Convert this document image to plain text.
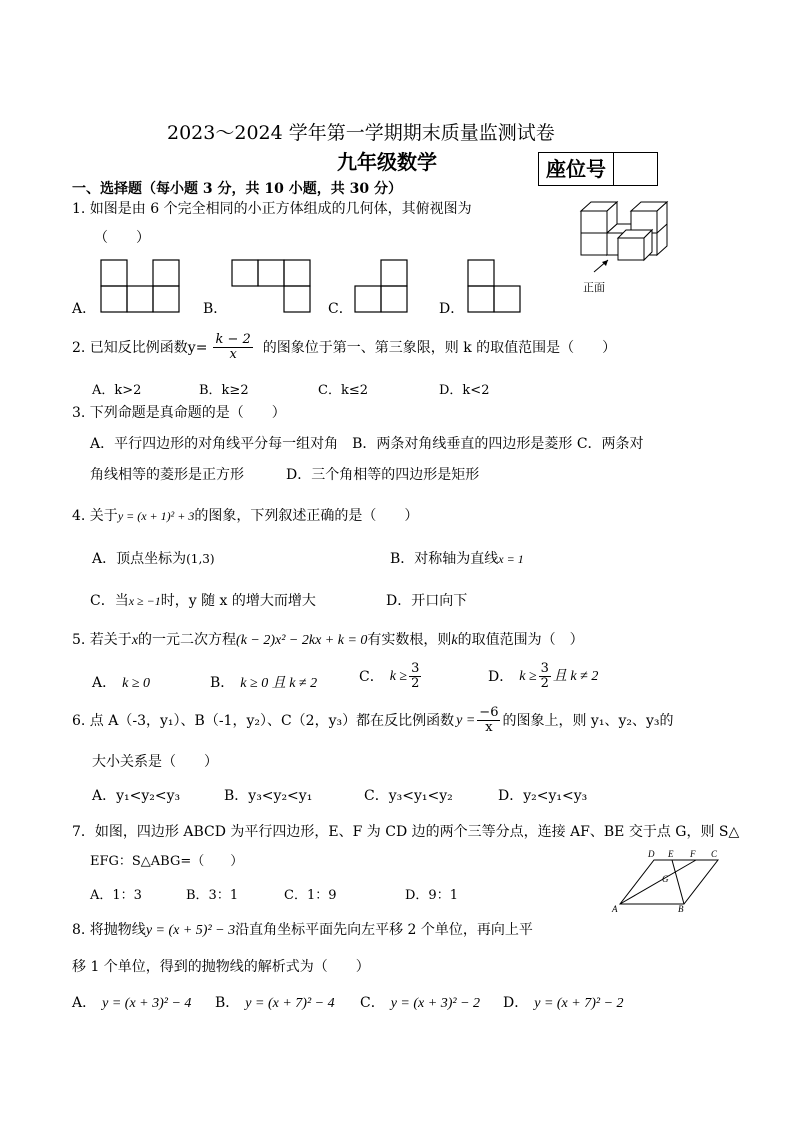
2023～2024 学年第一学期期末质量监测试卷
九年级数学	座位号
一、选择题（每小题 3 分，共 10 小题，共 30 分）
1. 如图是由 6 个完全相同的小正方体组成的几何体，其俯视图为
（　　）
正面
A．	B．	C．	D．
2. 已知反比例函数$y= \frac{k - 2}{x}$ 的图象位于第一、第三象限，则 k 的取值范围是（　　）
A．k>2	B．k≥2	C．k≤2	D．k<2
3. 下列命题是真命题的是（　　）
A．平行四边形的对角线平分每一组对角　B．两条对角线垂直的四边形是菱形 C．两条对
角线相等的菱形是正方形　　　D．三个角相等的四边形是矩形
4. 关于y = (x + 1)² + 3的图象，下列叙述正确的是（　　）
A．顶点坐标为(1,3)	B．对称轴为直线x = 1
C．当x ≥ −1时，y 随 x 的增大而增大	D．开口向下
5. 若关于x的一元二次方程(k − 2)x² − 2kx + k = 0有实数根，则k的取值范围为（　）
A． k ≥ 0	B． k ≥ 0 且 k ≠ 2	C． $k \ge \frac{3}{2}$	D． $k \ge \frac{3}{2}$ 且 k ≠ 2
6. 点 A（-3，y₁）、B（-1，y₂）、C（2，y₃）都在反比例函数 $y = \frac{-6}{x}$ 的图象上，则 y₁、y₂、y₃的
大小关系是（　　）
A．y₁<y₂<y₃	B．y₃<y₂<y₁	C．y₃<y₁<y₂	D．y₂<y₁<y₃
7．如图，四边形 ABCD 为平行四边形，E、F 为 CD 边的两个三等分点，连接 AF、BE 交于点 G，则 S△
EFG：S△ABG=（　　）
A．1：3	B．3：1	C．1：9	D．9：1
D E F C
G
A	B
8. 将抛物线y = (x + 5)² − 3沿直角坐标平面先向左平移 2 个单位，再向上平
移 1 个单位，得到的抛物线的解析式为（　　）
A． y = (x + 3)² − 4 B． y = (x + 7)² − 4 C． y = (x + 3)² − 2 D． y = (x + 7)² − 2
